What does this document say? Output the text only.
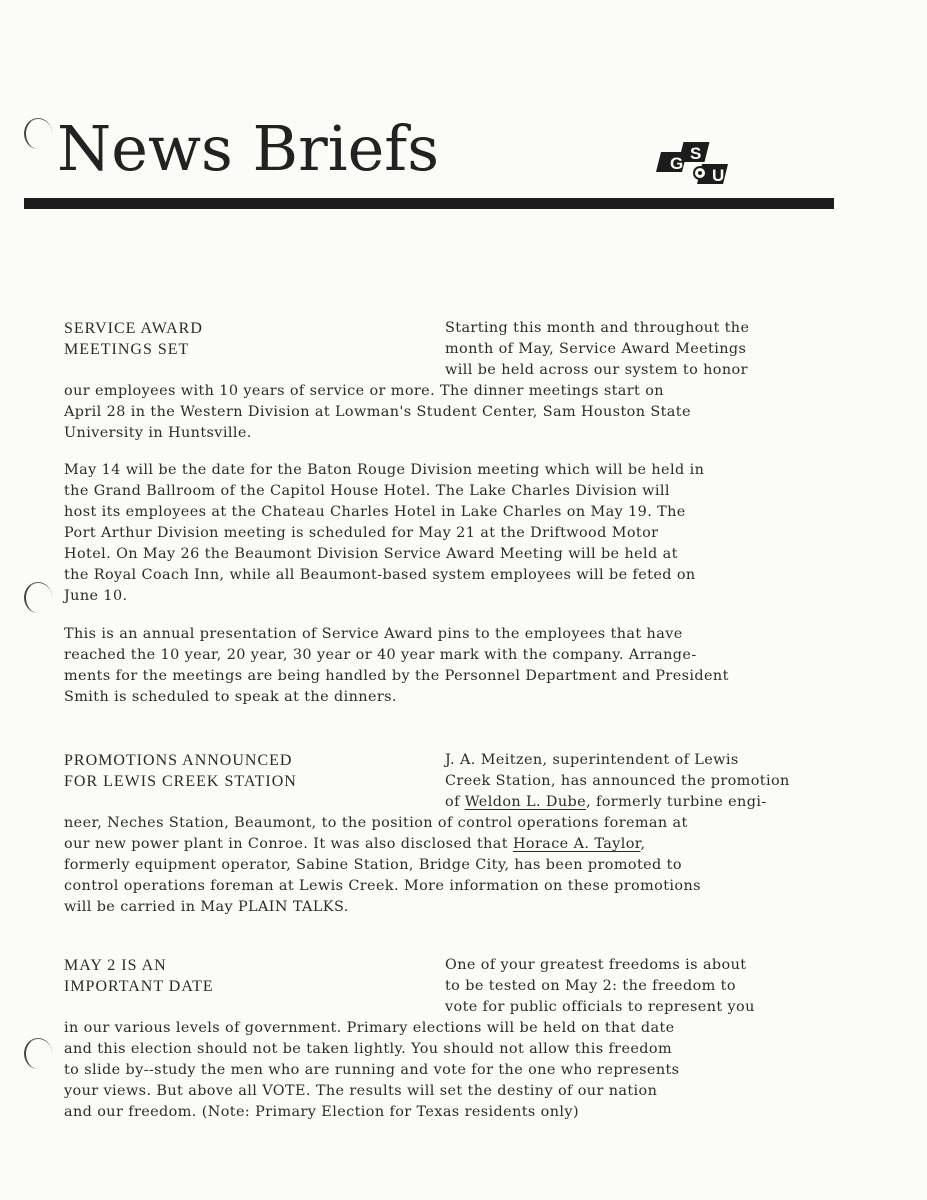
News Briefs	G
S
U
SERVICE AWARD
MEETINGS SET
Starting this month and throughout the
month of May, Service Award Meetings
will be held across our system to honor
our employees with 10 years of service or more. The dinner meetings start on
April 28 in the Western Division at Lowman's Student Center, Sam Houston State
University in Huntsville.
May 14 will be the date for the Baton Rouge Division meeting which will be held in
the Grand Ballroom of the Capitol House Hotel. The Lake Charles Division will
host its employees at the Chateau Charles Hotel in Lake Charles on May 19. The
Port Arthur Division meeting is scheduled for May 21 at the Driftwood Motor
Hotel. On May 26 the Beaumont Division Service Award Meeting will be held at
the Royal Coach Inn, while all Beaumont-based system employees will be feted on
June 10.
This is an annual presentation of Service Award pins to the employees that have
reached the 10 year, 20 year, 30 year or 40 year mark with the company. Arrange-
ments for the meetings are being handled by the Personnel Department and President
Smith is scheduled to speak at the dinners.
PROMOTIONS ANNOUNCED
FOR LEWIS CREEK STATION
J. A. Meitzen, superintendent of Lewis
Creek Station, has announced the promotion
of Weldon L. Dube, formerly turbine engi-
neer, Neches Station, Beaumont, to the position of control operations foreman at
our new power plant in Conroe. It was also disclosed that Horace A. Taylor,
formerly equipment operator, Sabine Station, Bridge City, has been promoted to
control operations foreman at Lewis Creek. More information on these promotions
will be carried in May PLAIN TALKS.
MAY 2 IS AN
IMPORTANT DATE
One of your greatest freedoms is about
to be tested on May 2: the freedom to
vote for public officials to represent you
in our various levels of government. Primary elections will be held on that date
and this election should not be taken lightly. You should not allow this freedom
to slide by--study the men who are running and vote for the one who represents
your views. But above all VOTE. The results will set the destiny of our nation
and our freedom. (Note: Primary Election for Texas residents only)
